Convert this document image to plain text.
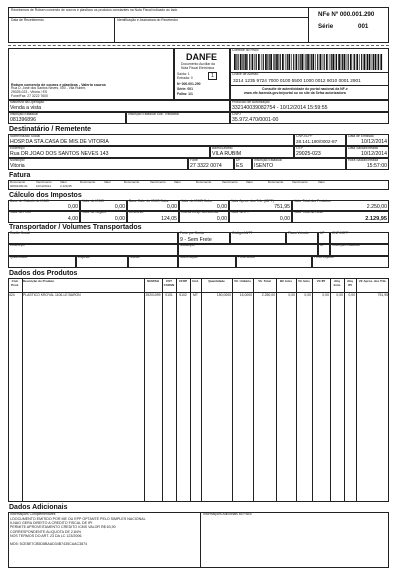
Recebemos de Rotsen comercio de couros e plasticos os produtos constantes na Nota Fiscal indicado ao lado
Data de Recebimento	Identificação e Assinatura do Recebedor
NFe Nº 000.001.290
Série	001
Rotsen comercio de couros e plasticos - Valerio couros
Rua D. José dos Santos Neves, 000 - Vila Rubim,
29025-023 - Vitória / ES
Fone/Fax: 27 3222 7600
DANFE
Documento Auxiliar da
Nota Fiscal Eletrônica
Saída: 1
Entrada: 0	1
Nº 000.001.290
Série: 001
Folha: 1/1
Controle do Fisco
Chave de Acesso
3214 1235 9724 7000 0100 5500 1000 0012 9010 0001 2901
Consulte de autenticidade do portal nacional da NF-e
www.nfe.fazenda.gov.br/portal ou no site da Sefaz autorizadora
Natureza da Operação
Venda a vista
Protocolo de Autorização
332140039082754 - 10/12/2014 15:59:55
Inscrição Estadual
081396896
Inscrição Estadual Sub. Tributária	CNPJ
35.972.470/0001-00
Destinatário / Remetente
Nome/Razão Social
HOSP.DA STA.CASA DE MIS.DE VITORIA
CNPJ/CPF
28.141.190/0002-87
Data de Emissão
10/12/2014
Endereço
Rua DR.JOAO DOS SANTOS NEVES 143
Bairro/Distrito
VILA RUBIM
CEP
29025-023
Data Saída/Entrada
10/12/2014
Município
Vitoria
Fone
27 3322 0074
UF
ES
Inscrição Estadual
ISENTO
Hora Saída/Entrada
15:57:00
Fatura
Documento	Vencimento	Valor	Documento	Valor	Documento	Vencimento	Valor	Documento	Vencimento	Valor	Documento	Vencimento	Valor
00001290-01	10/12/2014	2.129,95
Cálculo dos Impostos
Base de Cálculo do ICMS
0,00
Valor do ICMS
0,00
Base Cálc. do ICMS Subs.
0,00
Valor do ICMS Subs.
0,00
Valor Aprox. dos Trib. (IBPT)
751,95
Valor Total dos Produtos
2.250,00
Valor do Frete
4,00
Valor do Seguro
0,00
Desconto
124,05
Outras Desp. Acessórias
0,00
Valor do IPI
0,00
Valor Total da Nota
2.129,95
Transportador / Volumes Transportados
Razão Social	Frete por Conta
9 - Sem Frete
Código ANTT	Placa Veículo	UF CNPJ/CPF
Endereço	Município	UF Inscrição Estadual
Quantidade	Espécie	Marca	Numeração	Peso Bruto	Peso Líquido
Dados dos Produtos
Cód. Prod.
Descrição do Produto	NCM/SH	CST CSOSN
CFOP	Und.	Quantidade	Vlr. Unitário	Vlr. Total	BC Icms	Vlr Icms	Vlr IPI	Aliq Icms
Aliq IPI
Vlr Aprox. dos Trib.
424	PLASTICO KROYAL 1106-LE BARON	39201099	0101	5102	MT	150,0000	15,0000	2.250,00	0,00	0,00	0,00	0,00	0,00	751,95
Dados Adicionais
Informações Complementares	Informações Adicionais ao Fisco
I-DOCUMENTO EMITIDO POR ME OU EPP OPTANTE PELO SIMPLES NACIONAL
II-NAO GERA DIREITO A CREDITO FISCAL DE IPI
PERMITE APROVEITAMENTO CREDITO ICMS VALOR R$ 63,90
CORRESPONDENTE ALIQUOTA DE 2,84%
NOS TERMOS DO ART. 23 DA LC 123/2006.
MD5: 5CEBE7CB5D8BAAD34B7435CAAC3874
